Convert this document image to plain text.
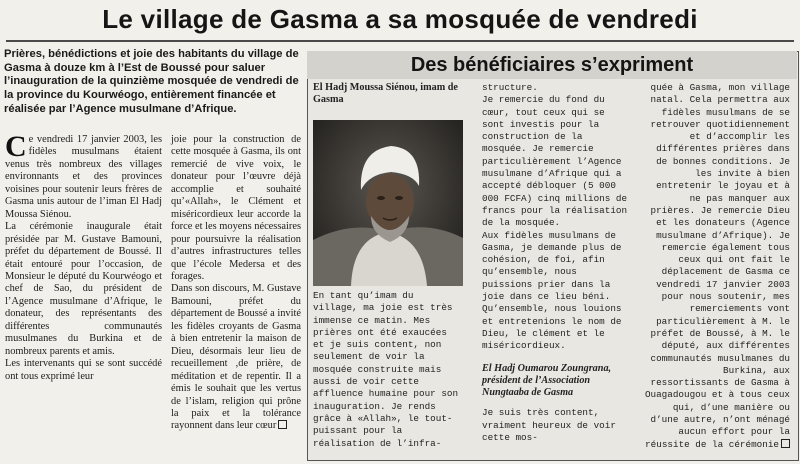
Le village de Gasma a sa mosquée de vendredi
Prières, bénédictions et joie des habitants du village de Gasma à douze km à l’Est de Boussé pour saluer l’inauguration de la quinzième mosquée de vendredi de la province du Kourwéogo, entièrement financée et réalisée par l’Agence musulmane d’Afrique.

Ce vendredi 17 janvier 2003, les fidèles musulmans étaient venus très nombreux des villages environnants et des provinces voisines pour soutenir leurs frères de Gasma unis autour de l’iman El Hadj Moussa Siénou.

La cérémonie inaugurale était présidée par M. Gustave Bamouni, préfet du département de Boussé. Il était entouré pour l’occasion, de Monsieur le député du Kourwéogo et chef de Sao, du président de l’Agence musulmane d’Afrique, le donateur, des représentants des différentes communautés musulmanes du Burkina et de nombreux parents et amis.

Les intervenants qui se sont succédé ont tous exprimé leur

joie pour la construction de cette mosquée à Gasma, ils ont remercié de vive voix, le donateur pour l’œuvre déjà accomplie et souhaité qu’«Allah», le Clément et miséricordieux leur accorde la force et les moyens nécessaires pour poursuivre la réalisation d’autres infrastructures telles que l’école Medersa et des forages.

Dans son discours, M. Gustave Bamouni, préfet du département de Boussé a invité les fidèles croyants de Gasma à bien entretenir la maison de Dieu, désormais leur lieu de recueillement ,de prière, de méditation et de repentir. Il a émis le souhait que les vertus de l’islam, religion qui prône la paix et la tolérance rayonnent dans leur cœur

Des bénéficiaires s’expriment

El Hadj Moussa Siénou, imam de Gasma

En tant qu’imam du village, ma joie est très immense ce matin. Mes prières ont été exaucées et je suis content, non seulement de voir la mosquée construite mais aussi de voir cette affluence humaine pour son inauguration. Je rends grâce à «Allah», le tout-puissant pour la réalisation de l’infra-

structure.

Je remercie du fond du cœur, tout ceux qui se sont investis pour la construction de la mosquée. Je remercie particulièrement l’Agence musulmane d’Afrique qui a accepté débloquer (5 000 000 FCFA) cinq millions de francs pour la réalisation de la mosquée.

Aux fidèles musulmans de Gasma, je demande plus de cohésion, de foi, afin qu’ensemble, nous puissions prier dans la joie dans ce lieu béni. Qu’ensemble, nous louions et entretenions le nom de Dieu, le clément et le miséricordieux.

El Hadj Oumarou Zoungrana, président de l’Association Nungtaaba de Gasma

Je suis très content, vraiment heureux de voir cette mos-

quée à Gasma, mon village natal. Cela permettra aux fidèles musulmans de se retrouver quotidiennement et d’accomplir les différentes prières dans de bonnes conditions. Je les invite à bien entretenir le joyau et à ne pas manquer aux prières. Je remercie Dieu et les donateurs (Agence musulmane d’Afrique). Je remercie également tous ceux qui ont fait le déplacement de Gasma ce vendredi 17 janvier 2003 pour nous soutenir, mes remerciements vont particulièrement à M. le préfet de Boussé, à M. le député, aux différentes communautés musulmanes du Burkina, aux ressortissants de Gasma à Ouagadougou et à tous ceux qui, d’une manière ou d’une autre, n’ont ménagé aucun effort pour la réussite de la cérémonie
